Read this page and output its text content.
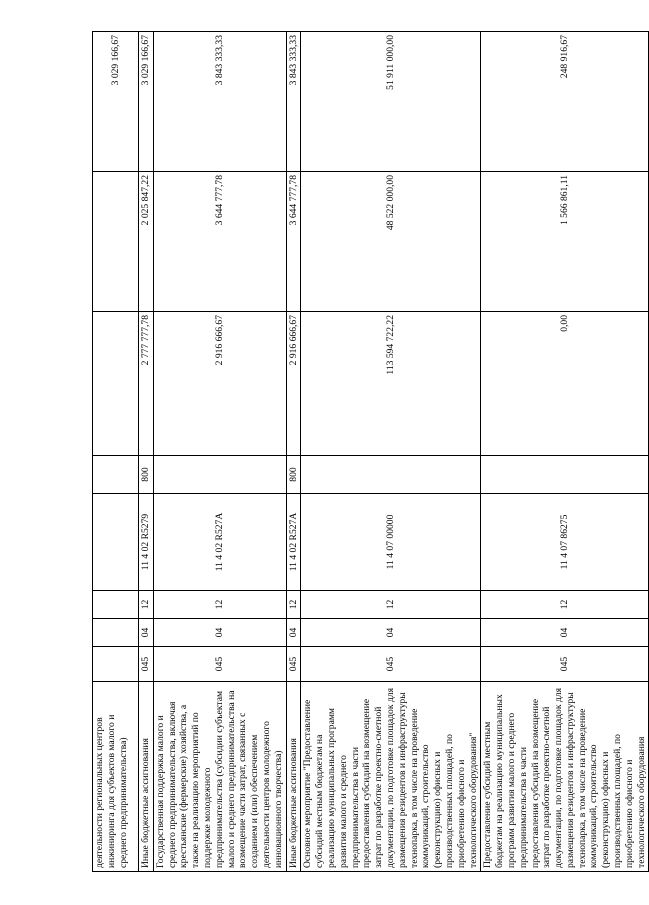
деятельности региональных центров инжиниринга для субъектов малого и среднего предпринимательства)								3 029 166,67
Иные бюджетные ассигнования	045	04	12	11 4 02 R5279	800	2 777 777,78	2 025 847,22	3 029 166,67
Государственная поддержка малого и среднего предпринимательства, включая крестьянские (фермерские) хозяйства, а также на реализацию мероприятий по поддержке молодежного предпринимательства (субсидии субъектам малого и среднего предпринимательства на возмещение части затрат, связанных с созданием и (или) обеспечением деятельности центров молодежного инновационного творчества)	045	04	12	11 4 02 R527A		2 916 666,67	3 644 777,78	3 843 333,33
Иные бюджетные ассигнования	045	04	12	11 4 02 R527A	800	2 916 666,67	3 644 777,78	3 843 333,33
Основное мероприятие "Предоставление субсидий местным бюджетам на реализацию муниципальных программ развития малого и среднего предпринимательства в части предоставления субсидий на возмещение затрат по разработке проектно-сметной документации, по подготовке площадок для размещения резидентов и инфраструктуры технопарка, в том числе на проведение коммуникаций, строительство (реконструкцию) офисных и производственных площадей, по приобретению офисного и технологического оборудования"	045	04	12	11 4 07 00000		113 594 722,22	48 522 000,00	51 911 000,00
Предоставление субсидий местным бюджетам на реализацию муниципальных программ развития малого и среднего предпринимательства в части предоставления субсидий на возмещение затрат по разработке проектно-сметной документации, по подготовке площадок для размещения резидентов и инфраструктуры технопарка, в том числе на проведение коммуникаций, строительство (реконструкцию) офисных и производственных площадей, по приобретению офисного и технологического оборудования	045	04	12	11 4 07 86275		0,00	1 566 861,11	248 916,67
